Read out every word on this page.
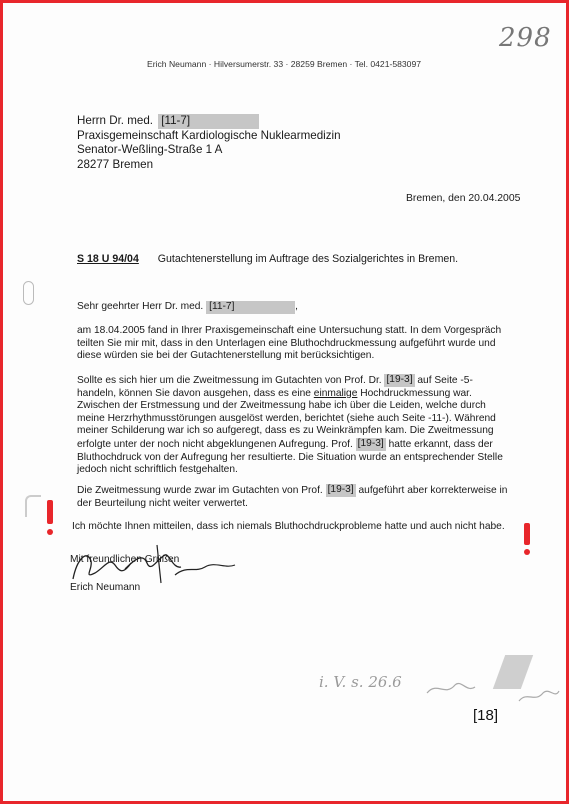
298
Erich Neumann · Hilversumerstr. 33 · 28259 Bremen · Tel. 0421-583097
Herrn Dr. med. [11-7]
Praxisgemeinschaft Kardiologische Nuklearmedizin
Senator-Weßling-Straße 1 A
28277 Bremen
Bremen, den 20.04.2005
S 18 U 94/04 Gutachtenerstellung im Auftrage des Sozialgerichtes in Bremen.
Sehr geehrter Herr Dr. med. [11-7]	,
am 18.04.2005 fand in Ihrer Praxisgemeinschaft eine Untersuchung statt. In dem Vorgespräch
teilten Sie mir mit, dass in den Unterlagen eine Bluthochdruckmessung aufgeführt wurde und
diese würden sie bei der Gutachtenerstellung mit berücksichtigen.
Sollte es sich hier um die Zweitmessung im Gutachten von Prof. Dr. [19-3] auf Seite -5-
handeln, können Sie davon ausgehen, dass es eine einmalige Hochdruckmessung war.
Zwischen der Erstmessung und der Zweitmessung habe ich über die Leiden, welche durch
meine Herzrhythmusstörungen ausgelöst werden, berichtet (siehe auch Seite -11-). Während
meiner Schilderung war ich so aufgeregt, dass es zu Weinkrämpfen kam. Die Zweitmessung
erfolgte unter der noch nicht abgeklungenen Aufregung. Prof. [19-3] hatte erkannt, dass der
Bluthochdruck von der Aufregung her resultierte. Die Situation wurde an entsprechender Stelle
jedoch nicht schriftlich festgehalten.
Die Zweitmessung wurde zwar im Gutachten von Prof. [19-3] aufgeführt aber korrekterweise in
der Beurteilung nicht weiter verwertet.
Ich möchte Ihnen mitteilen, dass ich niemals Bluthochdruckprobleme hatte und auch nicht habe.
Mit freundlichen Grüßen
Erich Neumann
i. V. s. 26.6
[18]
